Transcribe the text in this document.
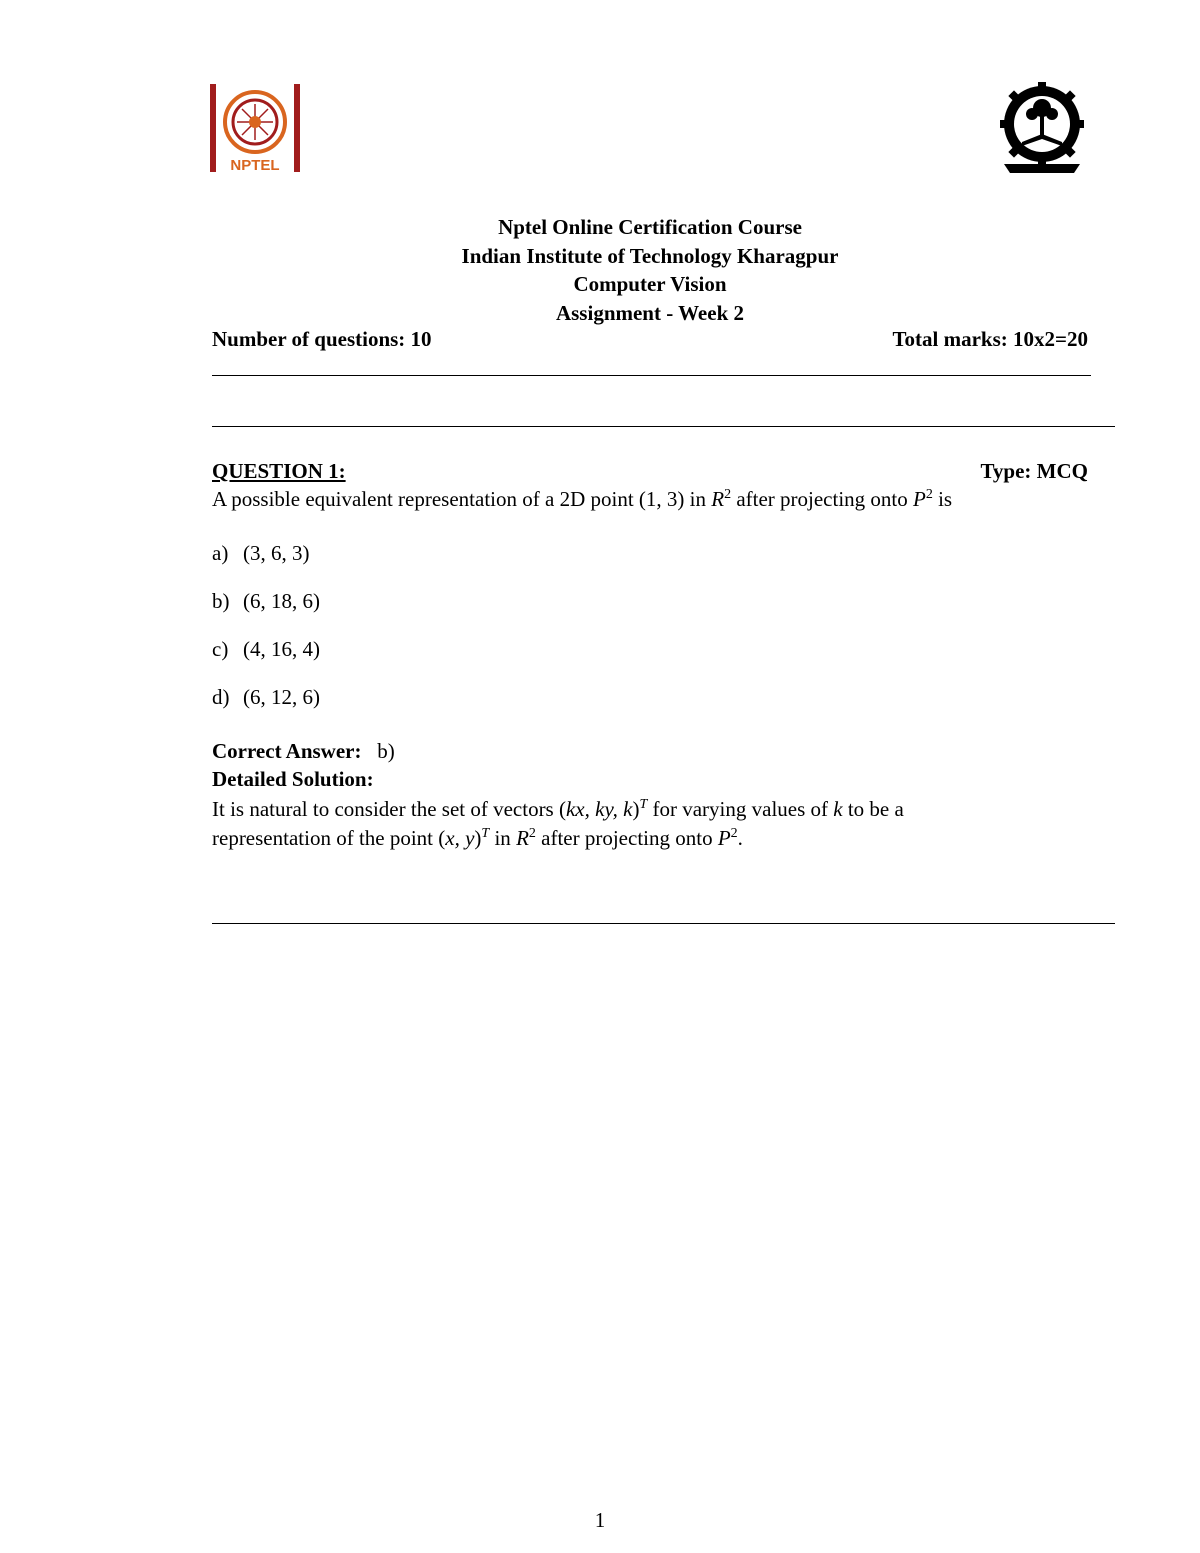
NPTEL
Nptel Online Certification Course
Indian Institute of Technology Kharagpur
Computer Vision
Assignment - Week 2
Number of questions: 10	Total marks: 10x2=20
QUESTION 1:	Type: MCQ
A possible equivalent representation of a 2D point (1, 3) in $R^2$ after projecting onto $P^2$ is
a) (3, 6, 3)
b) (6, 18, 6)
c) (4, 16, 4)
d) (6, 12, 6)
Correct Answer: b)
Detailed Solution:
It is natural to consider the set of vectors (kx, ky, k)$^T$ for varying values of k to be a
representation of the point (x, y)$^T$ in $R^2$ after projecting onto $P^2$.
1
